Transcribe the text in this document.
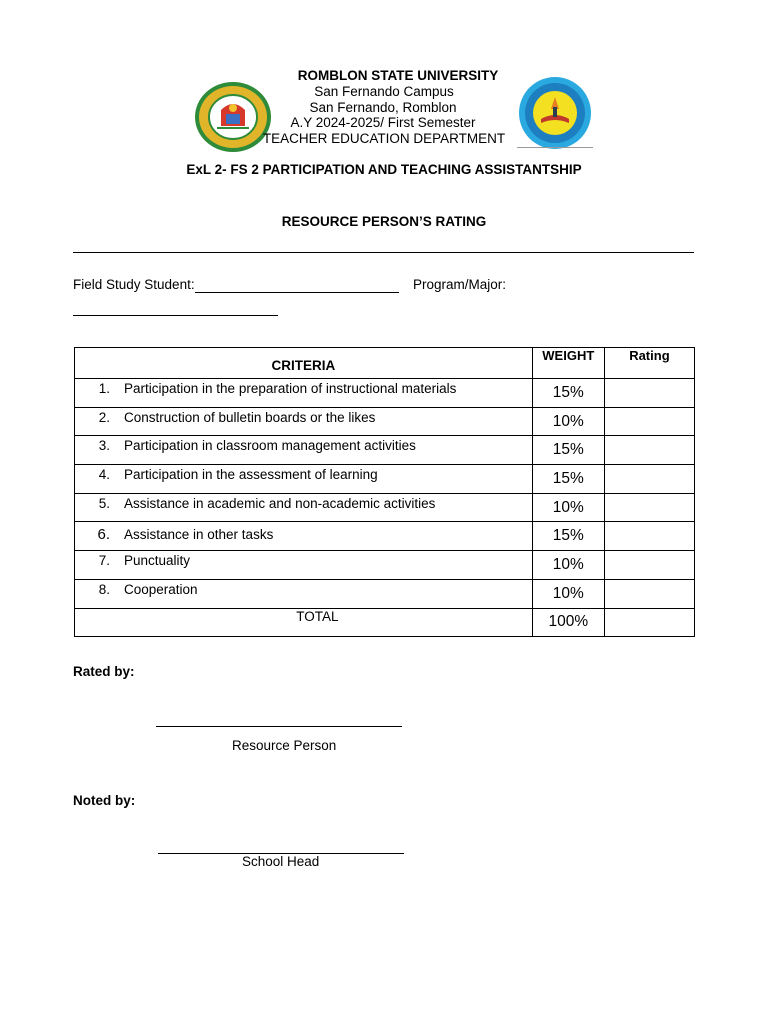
ROMBLON STATE UNIVERSITY
San Fernando Campus
San Fernando, Romblon
A.Y 2024-2025/ First Semester
TEACHER EDUCATION DEPARTMENT
ExL 2- FS 2 PARTICIPATION AND TEACHING ASSISTANTSHIP
RESOURCE PERSON’S RATING
Field Study Student:	Program/Major:
CRITERIA	WEIGHT	Rating
1. Participation in the preparation of instructional materials	15%	
2. Construction of bulletin boards or the likes	10%	
3. Participation in classroom management activities	15%	
4. Participation in the assessment of learning	15%	
5. Assistance in academic and non-academic activities	10%	
6. Assistance in other tasks	15%	
7. Punctuality	10%	
8. Cooperation	10%	
TOTAL	100%	
Rated by:
Resource Person
Noted by:
School Head
